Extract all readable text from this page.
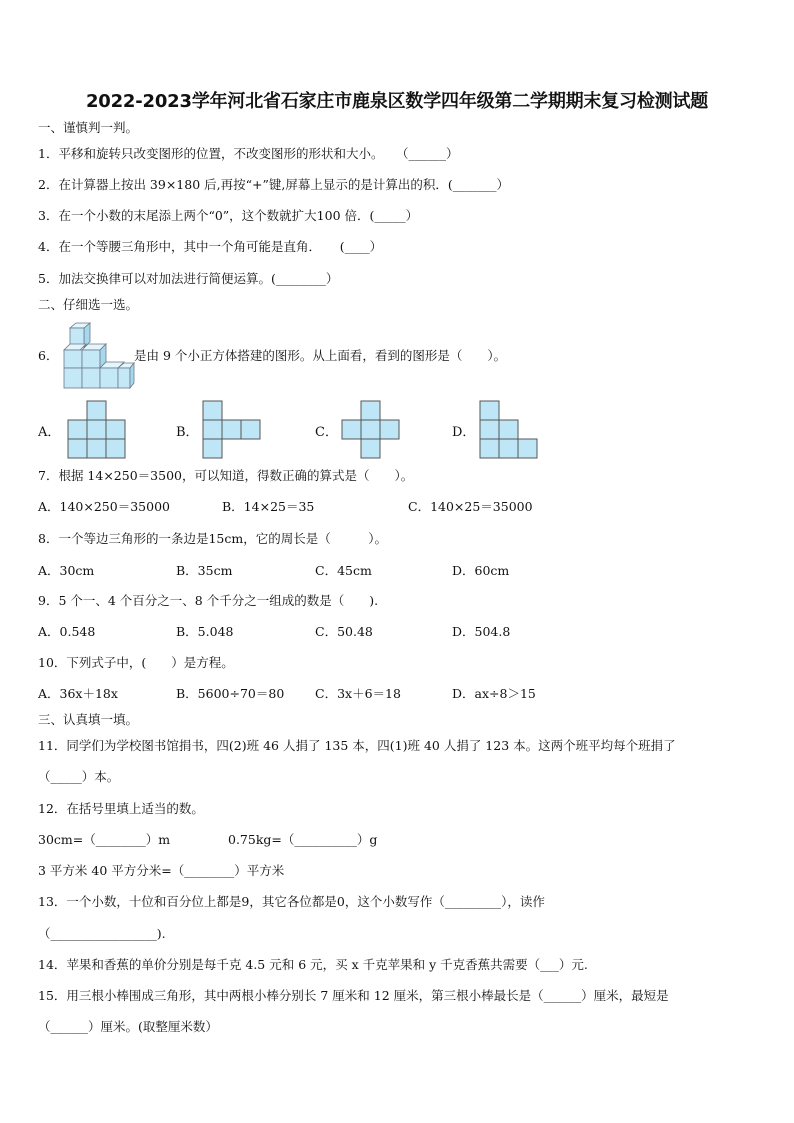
2022-2023学年河北省石家庄市鹿泉区数学四年级第二学期期末复习检测试题
一、谨慎判一判。
1．平移和旋转只改变图形的位置，不改变图形的形状和大小。　　（______）
2．在计算器上按出 39×180 后,再按“+”键,屏幕上显示的是计算出的积．(_______）
3．在一个小数的末尾添上两个“0”，这个数就扩大100 倍．(_____）
4．在一个等腰三角形中，其中一个角可能是直角．　　(____）
5．加法交换律可以对加法进行简便运算。(________）
二、仔细选一选。
6．	是由 9 个小正方体搭建的图形。从上面看，看到的图形是（　　）。
A．	B．	C．	D．
7．根据 14×250＝3500，可以知道，得数正确的算式是（　　）。
A．140×250＝35000	B．14×25＝35	C．140×25＝35000
8．一个等边三角形的一条边是15cm，它的周长是（　　　）。
A．30cm	B．35cm	C．45cm	D．60cm
9．5 个一、4 个百分之一、8 个千分之一组成的数是（　　).
A．0.548	B．5.048	C．50.48	D．504.8
10．下列式子中，(　　）是方程。
A．36x＋18x	B．5600÷70＝80 C．3x＋6＝18	D．ax÷8＞15
三、认真填一填。
11．同学们为学校图书馆捐书，四(2)班 46 人捐了 135 本，四(1)班 40 人捐了 123 本。这两个班平均每个班捐了
（_____）本。
12．在括号里填上适当的数。
30cm=（________）m	0.75kg=（__________）g
3 平方米 40 平方分米=（________）平方米
13．一个小数，十位和百分位上都是9，其它各位都是0，这个小数写作（_________），读作
（_________________).
14．苹果和香蕉的单价分别是每千克 4.5 元和 6 元，买 x 千克苹果和 y 千克香蕉共需要（___）元.
15．用三根小棒围成三角形，其中两根小棒分别长 7 厘米和 12 厘米，第三根小棒最长是（______）厘米，最短是
（______）厘米。(取整厘米数）
